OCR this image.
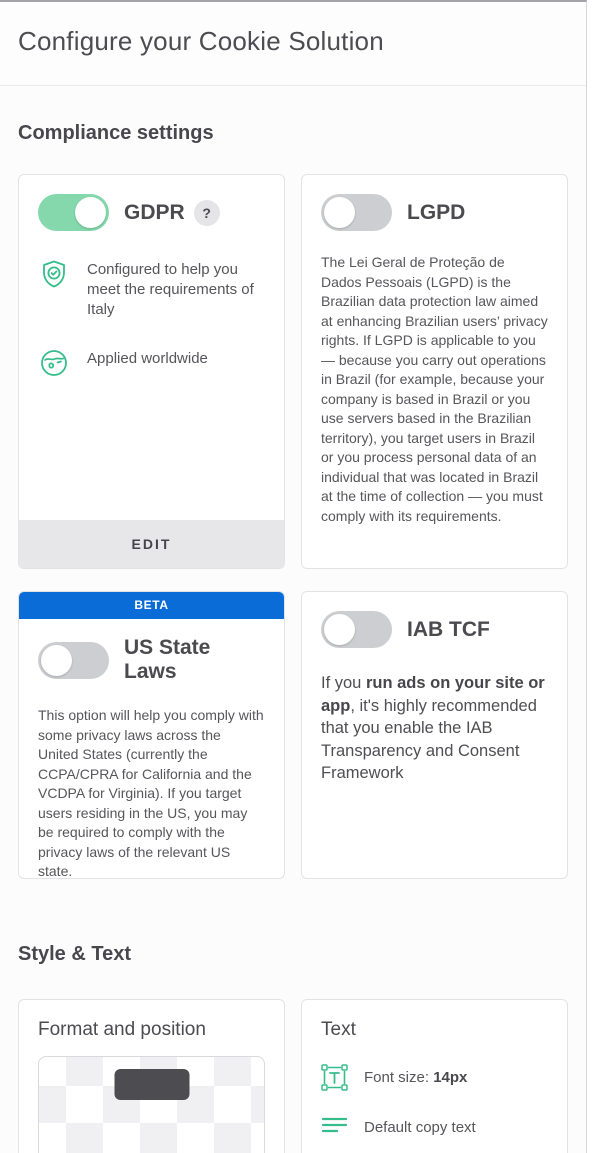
Configure your Cookie Solution
Compliance settings
GDPR	?
Configured to help you meet the requirements of Italy
Applied worldwide
EDIT
LGPD

The Lei Geral de Proteção de Dados Pessoais (LGPD) is the Brazilian data protection law aimed at enhancing Brazilian users’ privacy rights. If LGPD is applicable to you — because you carry out operations in Brazil (for example, because your company is based in Brazil or you use servers based in the Brazilian territory), you target users in Brazil or you process personal data of an individual that was located in Brazil at the time of collection — you must comply with its requirements.

BETA
US State Laws

This option will help you comply with some privacy laws across the United States (currently the CCPA/CPRA for California and the VCDPA for Virginia). If you target users residing in the US, you may be required to comply with the privacy laws of the relevant US state.

IAB TCF

If you run ads on your site or app, it's highly recommended that you enable the IAB Transparency and Consent Framework

Style & Text
Format and position	Text
Font size: 14px
Default copy text
